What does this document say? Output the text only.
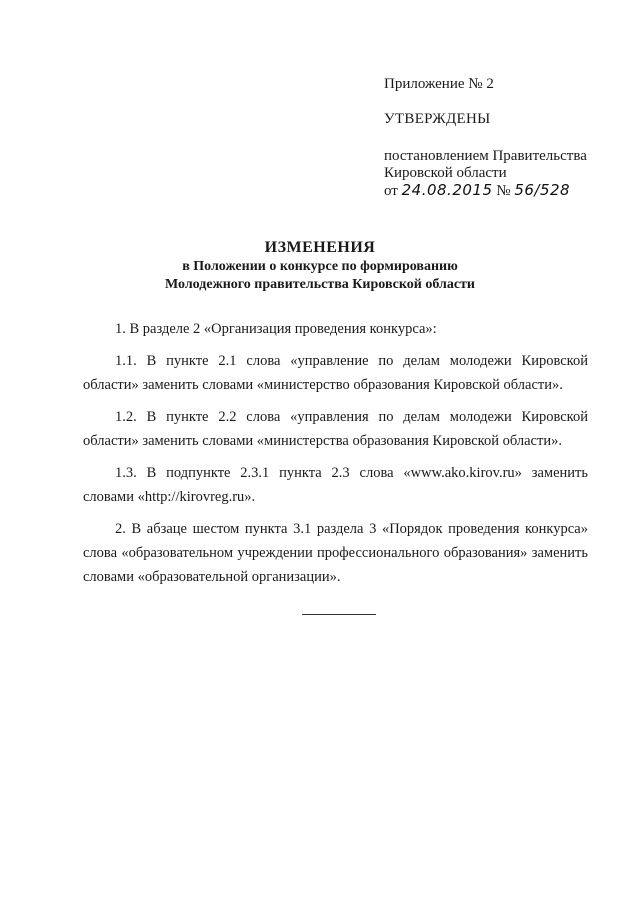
Приложение № 2

УТВЕРЖДЕНЫ

постановлением Правительства

Кировской области

от 24.08.2015 № 56/528

ИЗМЕНЕНИЯ
в Положении о конкурсе по формированию
Молодежного правительства Кировской области

1. В разделе 2 «Организация проведения конкурса»:

1.1. В пункте 2.1 слова «управление по делам молодежи Кировской области» заменить словами «министерство образования Кировской области».

1.2. В пункте 2.2 слова «управления по делам молодежи Кировской области» заменить словами «министерства образования Кировской области».

1.3. В подпункте 2.3.1 пункта 2.3 слова «www.ako.kirov.ru» заменить словами «http://kirovreg.ru».

2. В абзаце шестом пункта 3.1 раздела 3 «Порядок проведения конкурса» слова «образовательном учреждении профессионального образования» заменить словами «образовательной организации».
